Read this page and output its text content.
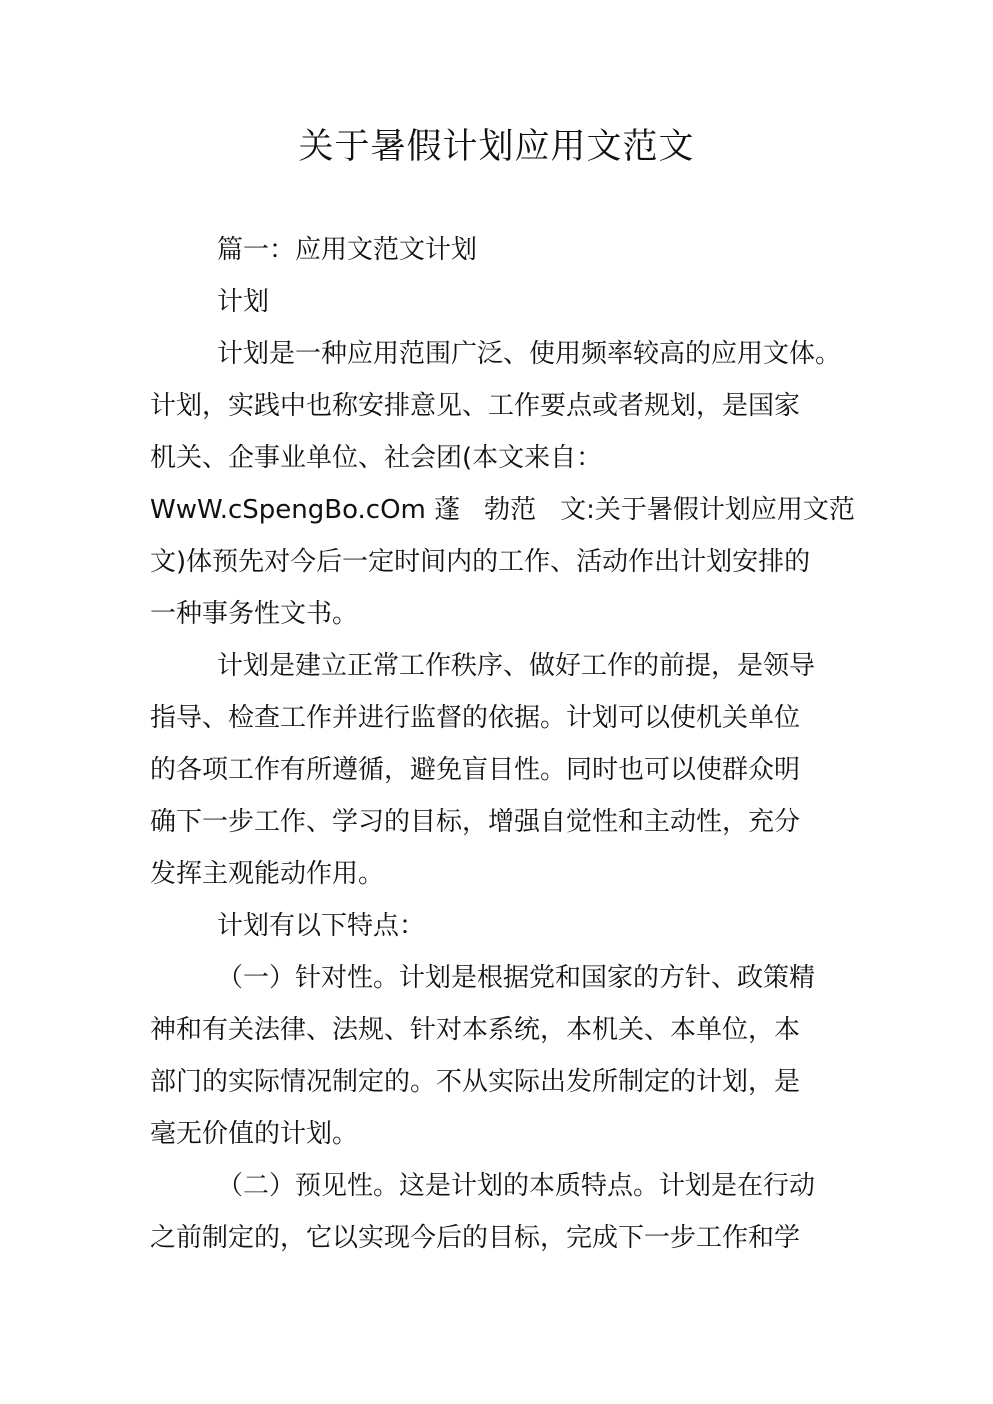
关于暑假计划应用文范文

篇一：应用文范文计划

计划

计划是一种应用范围广泛、使用频率较高的应用文体。

计划，实践中也称安排意见、工作要点或者规划，是国家

机关、企事业单位、社会团(本文来自：

WwW.cSpengBo.cOm 蓬 勃范 文:关于暑假计划应用文范

文)体预先对今后一定时间内的工作、活动作出计划安排的

一种事务性文书。

计划是建立正常工作秩序、做好工作的前提，是领导

指导、检查工作并进行监督的依据。计划可以使机关单位

的各项工作有所遵循，避免盲目性。同时也可以使群众明

确下一步工作、学习的目标，增强自觉性和主动性，充分

发挥主观能动作用。

计划有以下特点：

（一）针对性。计划是根据党和国家的方针、政策精

神和有关法律、法规、针对本系统，本机关、本单位，本

部门的实际情况制定的。不从实际出发所制定的计划，是

毫无价值的计划。

（二）预见性。这是计划的本质特点。计划是在行动

之前制定的，它以实现今后的目标，完成下一步工作和学
